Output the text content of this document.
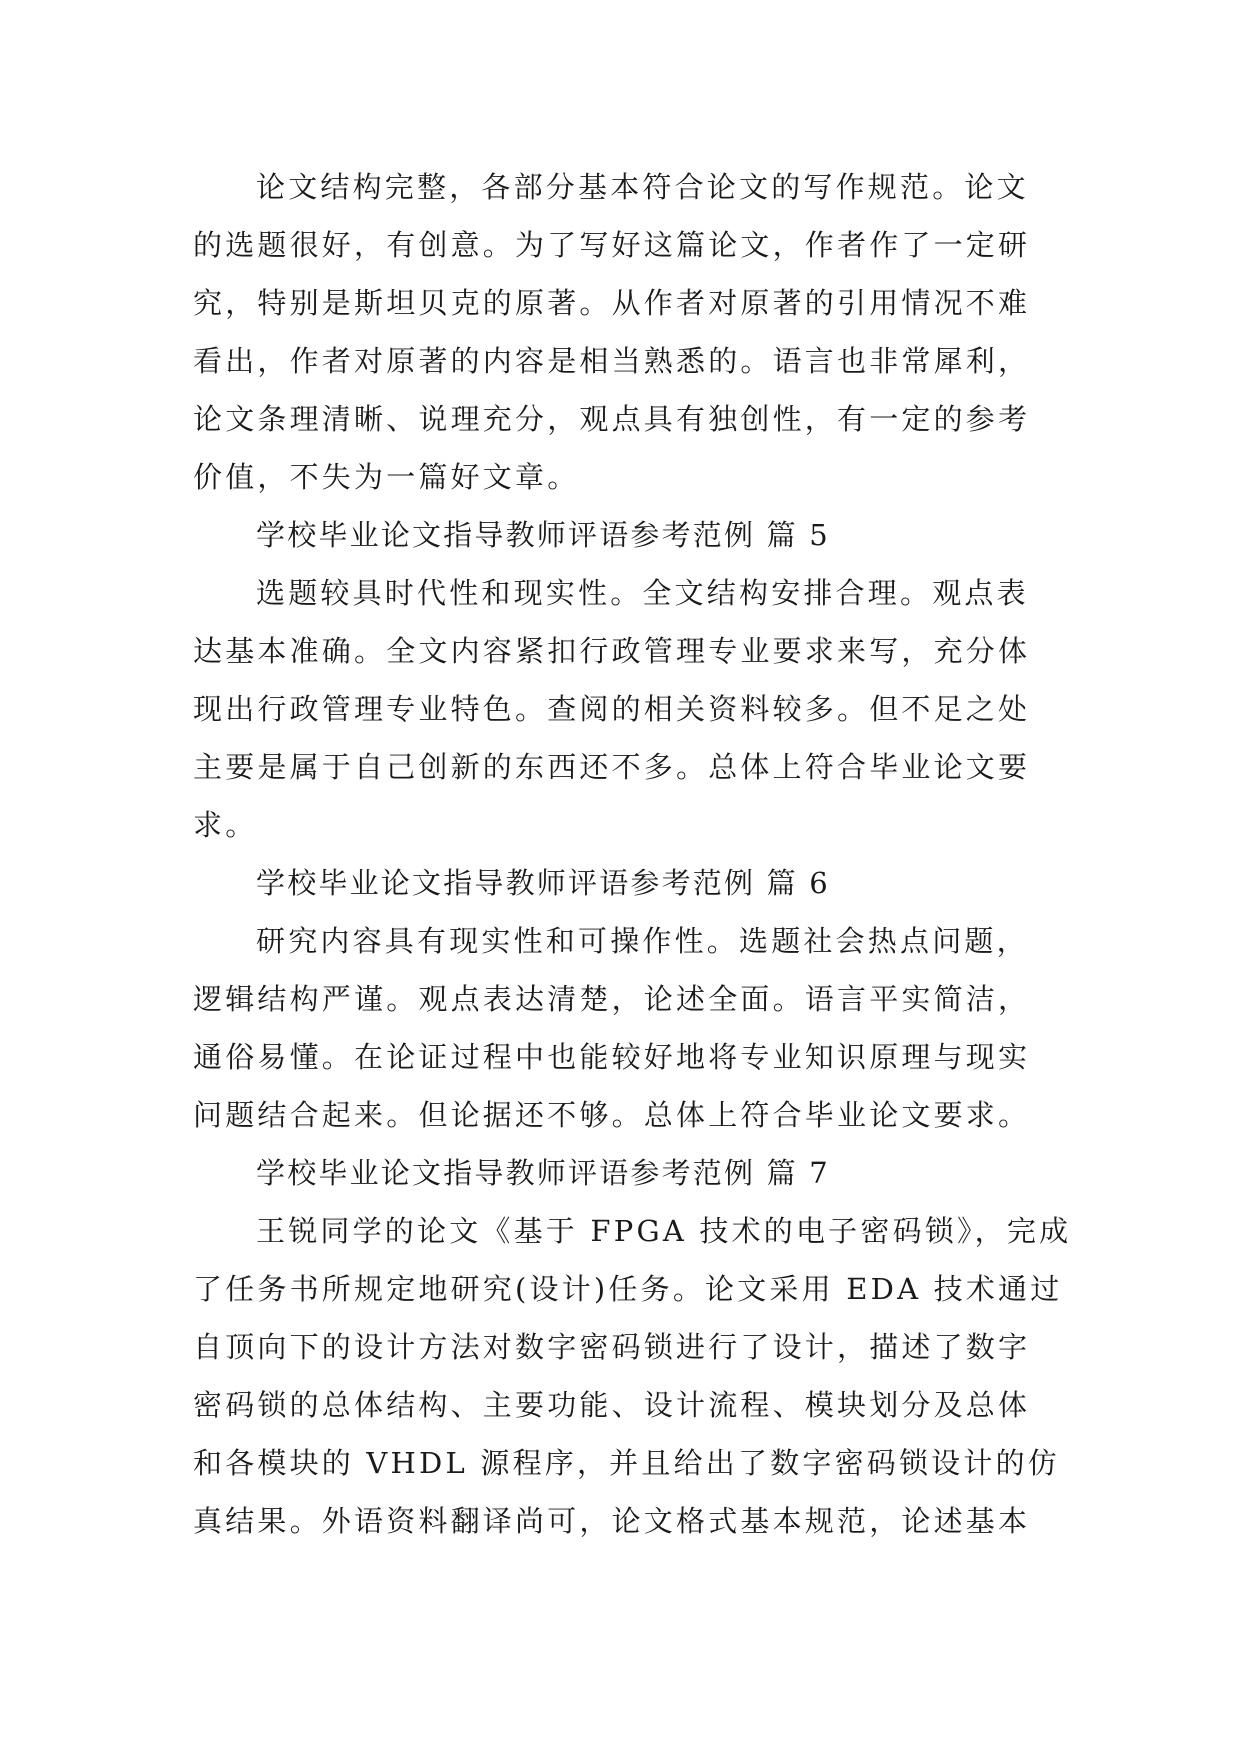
论文结构完整，各部分基本符合论文的写作规范。论文
的选题很好，有创意。为了写好这篇论文，作者作了一定研
究，特别是斯坦贝克的原著。从作者对原著的引用情况不难
看出，作者对原著的内容是相当熟悉的。语言也非常犀利，
论文条理清晰、说理充分，观点具有独创性，有一定的参考
价值，不失为一篇好文章。
学校毕业论文指导教师评语参考范例 篇 5
选题较具时代性和现实性。全文结构安排合理。观点表
达基本准确。全文内容紧扣行政管理专业要求来写，充分体
现出行政管理专业特色。查阅的相关资料较多。但不足之处
主要是属于自己创新的东西还不多。总体上符合毕业论文要
求。
学校毕业论文指导教师评语参考范例 篇 6
研究内容具有现实性和可操作性。选题社会热点问题，
逻辑结构严谨。观点表达清楚，论述全面。语言平实简洁，
通俗易懂。在论证过程中也能较好地将专业知识原理与现实
问题结合起来。但论据还不够。总体上符合毕业论文要求。
学校毕业论文指导教师评语参考范例 篇 7
王锐同学的论文《基于 FPGA 技术的电子密码锁》，完成
了任务书所规定地研究(设计)任务。论文采用 EDA 技术通过
自顶向下的设计方法对数字密码锁进行了设计，描述了数字
密码锁的总体结构、主要功能、设计流程、模块划分及总体
和各模块的 VHDL 源程序，并且给出了数字密码锁设计的仿
真结果。外语资料翻译尚可，论文格式基本规范，论述基本
